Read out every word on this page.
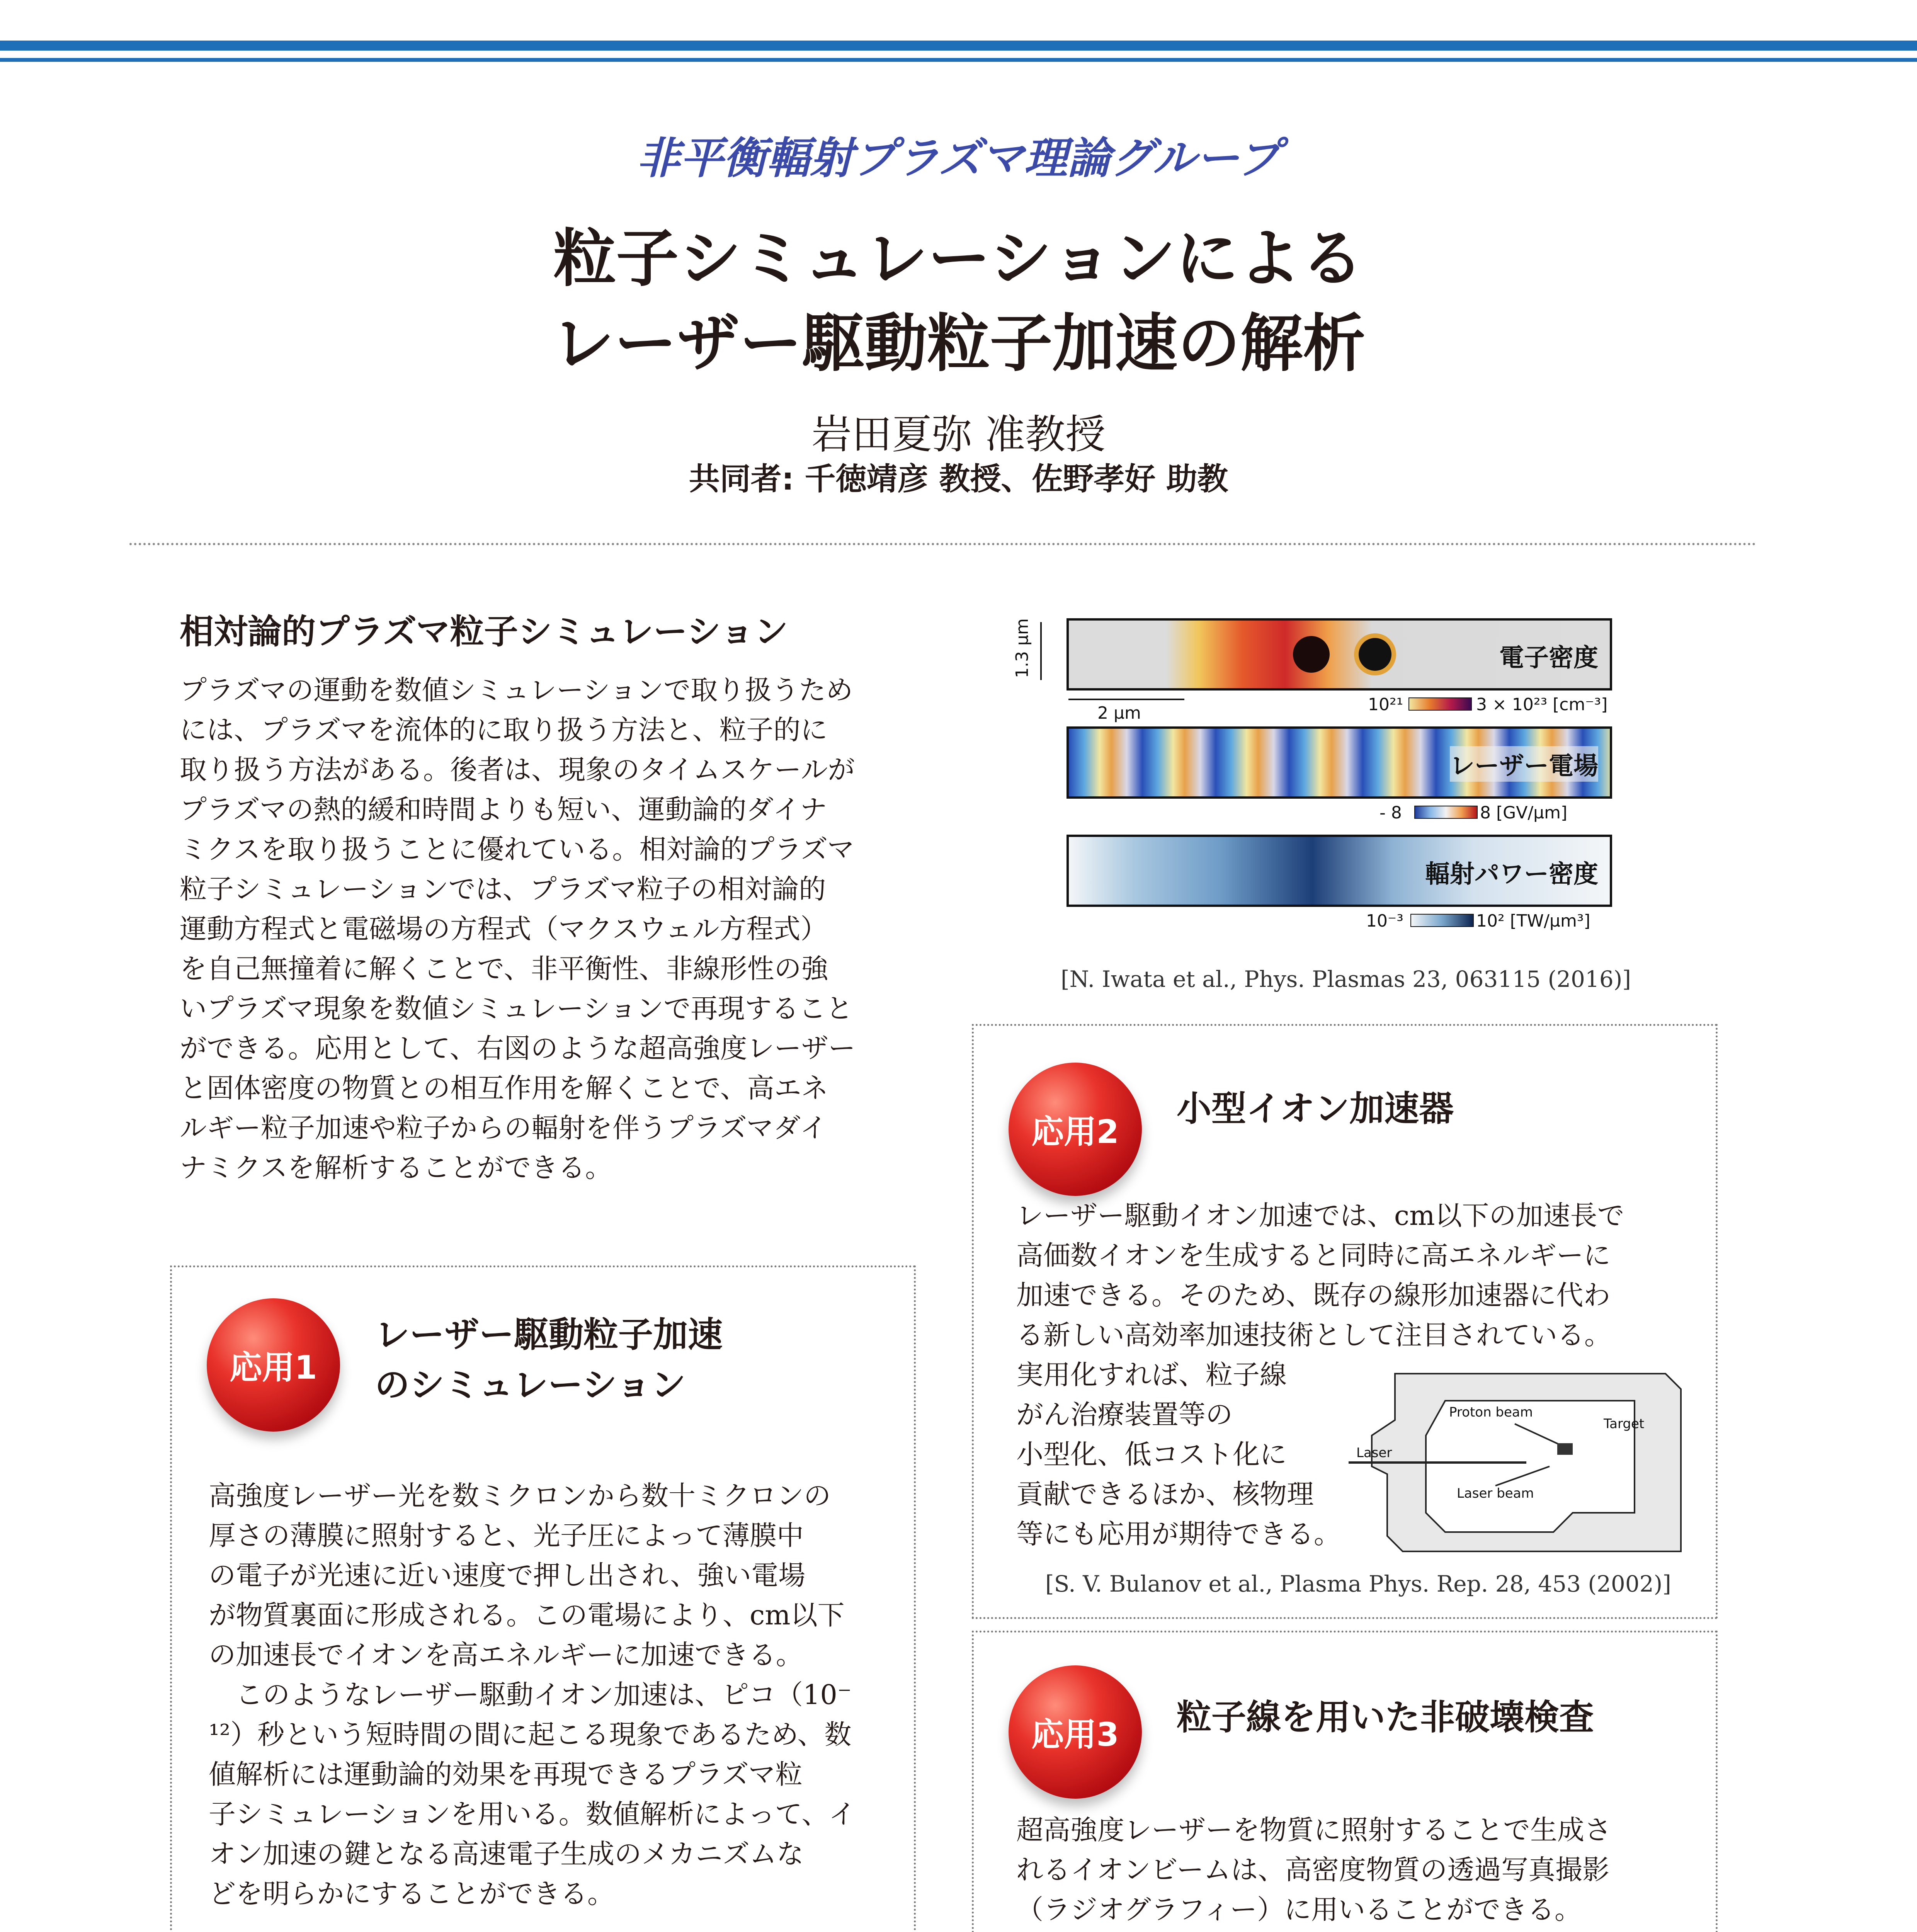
非平衡輻射プラズマ理論グループ
粒子シミュレーションによる
レーザー駆動粒子加速の解析
岩田夏弥 准教授
共同者: 千徳靖彦 教授、佐野孝好 助教
相対論的プラズマ粒子シミュレーション
プラズマの運動を数値シミュレーションで取り扱うため
には、プラズマを流体的に取り扱う方法と、粒子的に
取り扱う方法がある。後者は、現象のタイムスケールが
プラズマの熱的緩和時間よりも短い、運動論的ダイナ
ミクスを取り扱うことに優れている。相対論的プラズマ
粒子シミュレーションでは、プラズマ粒子の相対論的
運動方程式と電磁場の方程式（マクスウェル方程式）
を自己無撞着に解くことで、非平衡性、非線形性の強
いプラズマ現象を数値シミュレーションで再現すること
ができる。応用として、右図のような超高強度レーザー
と固体密度の物質との相互作用を解くことで、高エネ
ルギー粒子加速や粒子からの輻射を伴うプラズマダイ
ナミクスを解析することができる。
1.3 μm	電子密度
2 μm	10²¹	3 × 10²³ [cm⁻³]
レーザー電場
- 8	8 [GV/μm]
輻射パワー密度
10⁻³	10² [TW/μm³]
[N. Iwata et al., Phys. Plasmas 23, 063115 (2016)]
応用1
レーザー駆動粒子加速
のシミュレーション
高強度レーザー光を数ミクロンから数十ミクロンの
厚さの薄膜に照射すると、光子圧によって薄膜中
の電子が光速に近い速度で押し出され、強い電場
が物質裏面に形成される。この電場により、cm以下
の加速長でイオンを高エネルギーに加速できる。
　このようなレーザー駆動イオン加速は、ピコ（10⁻
¹²）秒という短時間の間に起こる現象であるため、数
値解析には運動論的効果を再現できるプラズマ粒
子シミュレーションを用いる。数値解析によって、イ
オン加速の鍵となる高速電子生成のメカニズムな
どを明らかにすることができる。
応用2
小型イオン加速器
レーザー駆動イオン加速では、cm以下の加速長で
高価数イオンを生成すると同時に高エネルギーに
加速できる。そのため、既存の線形加速器に代わ
る新しい高効率加速技術として注目されている。
実用化すれば、粒子線
がん治療装置等の
小型化、低コスト化に
貢献できるほか、核物理
等にも応用が期待できる。
Proton beam
Target
Laser
Laser beam
[S. V. Bulanov et al., Plasma Phys. Rep. 28, 453 (2002)]
応用3 粒子線を用いた非破壊検査
超高強度レーザーを物質に照射することで生成さ
れるイオンビームは、高密度物質の透過写真撮影
（ラジオグラフィー）に用いることができる。
